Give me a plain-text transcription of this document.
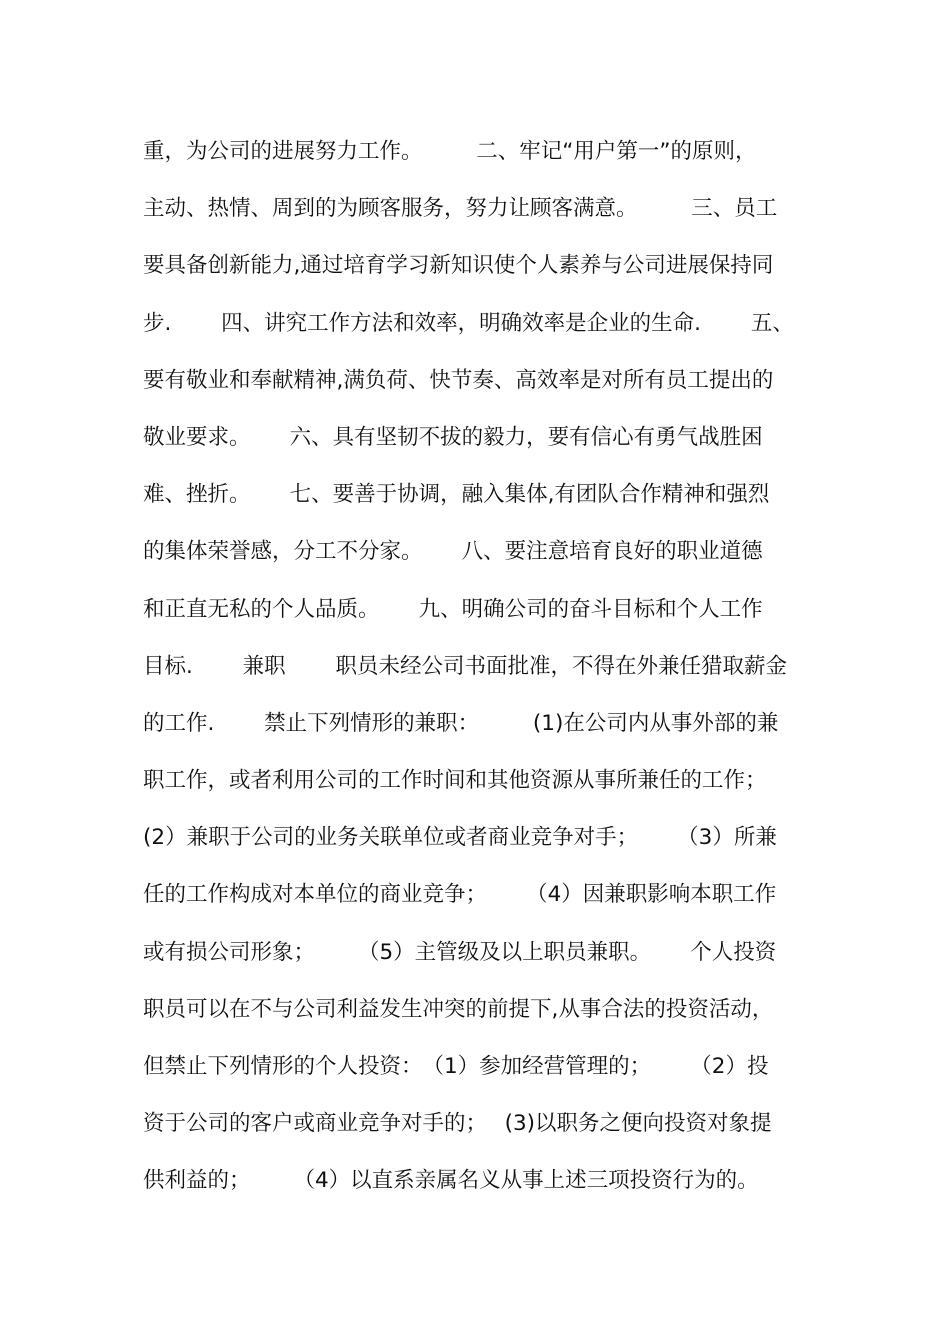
重，为公司的进展努力工作。　　　二、牢记“用户第一”的原则，
主动、热情、周到的为顾客服务，努力让顾客满意。　　　三、员工
要具备创新能力,通过培育学习新知识使个人素养与公司进展保持同
步.　　 四、讲究工作方法和效率，明确效率是企业的生命.　　 五、
要有敬业和奉献精神,满负荷、快节奏、高效率是对所有员工提出的
敬业要求。　　 六、具有坚韧不拔的毅力，要有信心有勇气战胜困
难、挫折。　　 七、要善于协调，融入集体,有团队合作精神和强烈
的集体荣誉感，分工不分家。　　 八、要注意培育良好的职业道德
和正直无私的个人品质。　　 九、明确公司的奋斗目标和个人工作
目标.　　 兼职　　 职员未经公司书面批准，不得在外兼任猎取薪金
的工作.　　 禁止下列情形的兼职：　　　(1)在公司内从事外部的兼
职工作，或者利用公司的工作时间和其他资源从事所兼任的工作；
(2）兼职于公司的业务关联单位或者商业竞争对手；　　 （3）所兼
任的工作构成对本单位的商业竞争；　　 （4）因兼职影响本职工作
或有损公司形象；　　　（5）主管级及以上职员兼职。　　 个人投资
职员可以在不与公司利益发生冲突的前提下,从事合法的投资活动，
但禁止下列情形的个人投资：　（1）参加经营管理的；　　 （2）投
资于公司的客户或商业竞争对手的；　 (3)以职务之便向投资对象提
供利益的；　　　（4）以直系亲属名义从事上述三项投资行为的。
